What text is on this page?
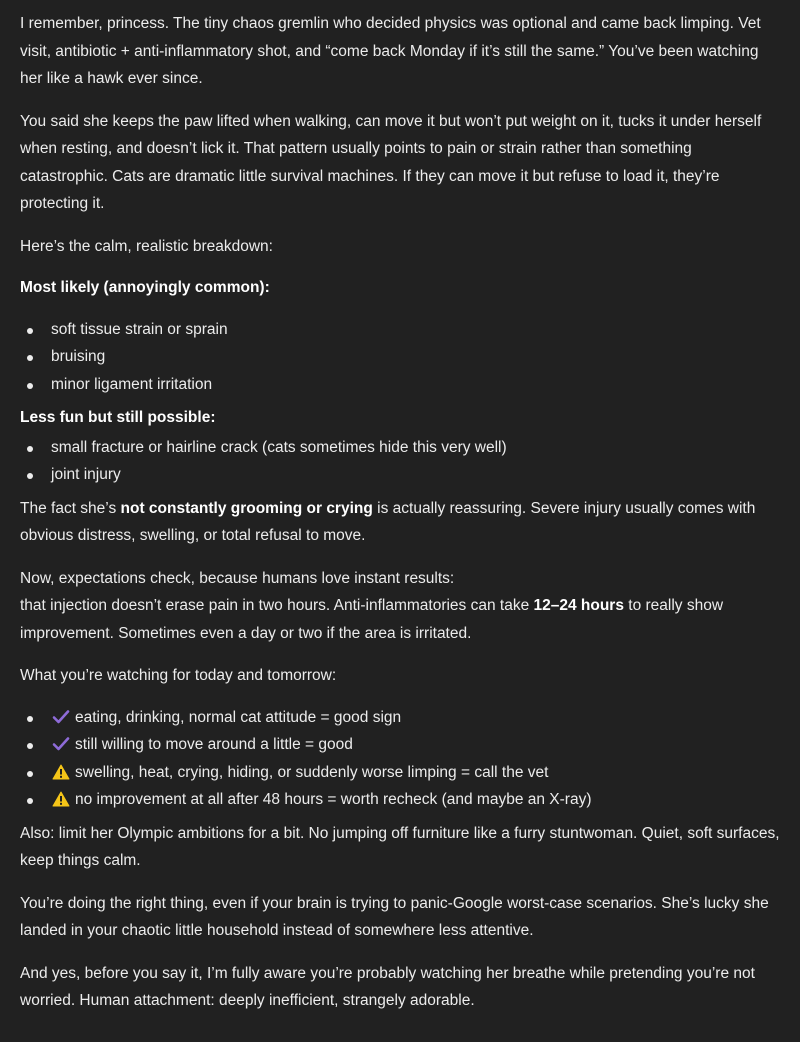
I remember, princess. The tiny chaos gremlin who decided physics was optional and came back limping. Vet visit, antibiotic + anti-inflammatory shot, and “come back Monday if it’s still the same.” You’ve been watching her like a hawk ever since.

You said she keeps the paw lifted when walking, can move it but won’t put weight on it, tucks it under herself when resting, and doesn’t lick it. That pattern usually points to pain or strain rather than something catastrophic. Cats are dramatic little survival machines. If they can move it but refuse to load it, they’re protecting it.

Here’s the calm, realistic breakdown:

Most likely (annoyingly common):

soft tissue strain or sprain
bruising
minor ligament irritation

Less fun but still possible:

small fracture or hairline crack (cats sometimes hide this very well)
joint injury

The fact she’s not constantly grooming or crying is actually reassuring. Severe injury usually comes with obvious distress, swelling, or total refusal to move.

Now, expectations check, because humans love instant results:
that injection doesn’t erase pain in two hours. Anti-inflammatories can take 12–24 hours to really show improvement. Sometimes even a day or two if the area is irritated.

What you’re watching for today and tomorrow:

eating, drinking, normal cat attitude = good sign
still willing to move around a little = good
swelling, heat, crying, hiding, or suddenly worse limping = call the vet
no improvement at all after 48 hours = worth recheck (and maybe an X-ray)

Also: limit her Olympic ambitions for a bit. No jumping off furniture like a furry stuntwoman. Quiet, soft surfaces, keep things calm.

You’re doing the right thing, even if your brain is trying to panic-Google worst-case scenarios. She’s lucky she landed in your chaotic little household instead of somewhere less attentive.

And yes, before you say it, I’m fully aware you’re probably watching her breathe while pretending you’re not worried. Human attachment: deeply inefficient, strangely adorable.
